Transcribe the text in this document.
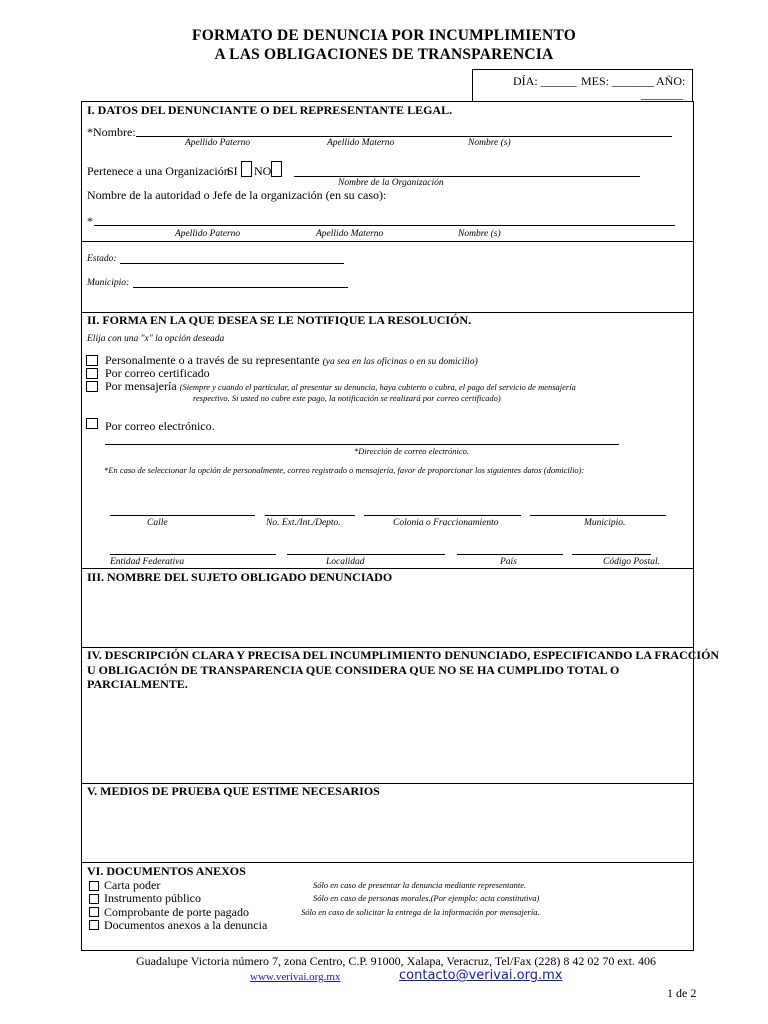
FORMATO DE DENUNCIA POR INCUMPLIMIENTO
A LAS OBLIGACIONES DE TRANSPARENCIA
DÍA: ______ MES: _______ AÑO:
_______
I. DATOS DEL DENUNCIANTE O DEL REPRESENTANTE LEGAL.
*Nombre:
Apellido Paterno	Apellido Materno	Nombre (s)
Pertenece a una Organización
SI NO
Nombre de la Organización
Nombre de la autoridad o Jefe de la organización (en su caso):
*
Apellido Paterno	Apellido Materno	Nombre (s)
Estado:
Municipio:
II. FORMA EN LA QUE DESEA SE LE NOTIFIQUE LA RESOLUCIÓN.
Elija con una "x" la opción deseada
Personalmente o a través de su representante (ya sea en las oficinas o en su domicilio)
Por correo certificado
Por mensajería (Siempre y cuando el particular, al presentar su denuncia, haya cubierto o cubra, el pago del servicio de mensajería
respectivo. Si usted no cubre este pago, la notificación se realizará por correo certificado)
Por correo electrónico.
*Dirección de correo electrónico.
*En caso de seleccionar la opción de personalmente, correo registrado o mensajería, favor de proporcionar los siguientes datos (domicilio):
Calle	No. Ext./Int./Depto.	Colonia o Fraccionamiento	Municipio.
Entidad Federativa	Localidad	País	Código Postal.
III. NOMBRE DEL SUJETO OBLIGADO DENUNCIADO
IV. DESCRIPCIÓN CLARA Y PRECISA DEL INCUMPLIMIENTO DENUNCIADO, ESPECIFICANDO LA FRACCIÓN
U OBLIGACIÓN DE TRANSPARENCIA QUE CONSIDERA QUE NO SE HA CUMPLIDO TOTAL O
PARCIALMENTE.
V. MEDIOS DE PRUEBA QUE ESTIME NECESARIOS
VI. DOCUMENTOS ANEXOS
Carta poder	Sólo en caso de presentar la denuncia mediante representante.
Instrumento público	Sólo en caso de personas morales.(Por ejemplo: acta constitutiva)
Comprobante de porte pagado	Sólo en caso de solicitar la entrega de la información por mensajería.
Documentos anexos a la denuncia
Guadalupe Victoria número 7, zona Centro, C.P. 91000, Xalapa, Veracruz, Tel/Fax (228) 8 42 02 70 ext. 406
www.verivai.org.mx	contacto@verivai.org.mx
1 de 2
